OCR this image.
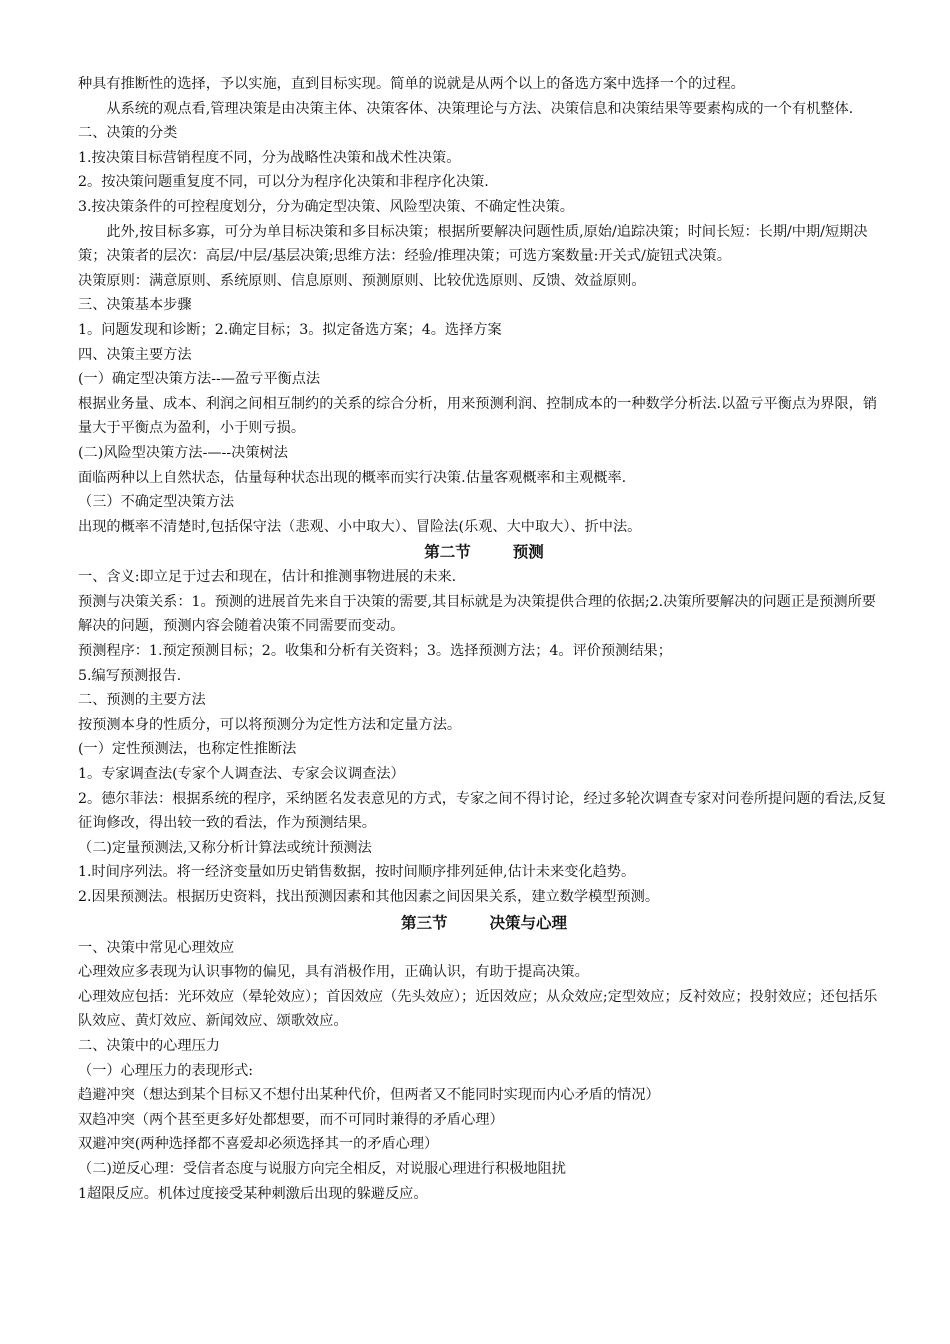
种具有推断性的选择，予以实施，直到目标实现。简单的说就是从两个以上的备选方案中选择一个的过程。

从系统的观点看,管理决策是由决策主体、决策客体、决策理论与方法、决策信息和决策结果等要素构成的一个有机整体.

二、决策的分类

1.按决策目标营销程度不同，分为战略性决策和战术性决策。

2。按决策问题重复度不同，可以分为程序化决策和非程序化决策.

3.按决策条件的可控程度划分，分为确定型决策、风险型决策、不确定性决策。

此外,按目标多寡，可分为单目标决策和多目标决策；根据所要解决问题性质,原始/追踪决策；时间长短：长期/中期/短期决策；决策者的层次：高层/中层/基层决策;思维方法：经验/推理决策；可选方案数量:开关式/旋钮式决策。

决策原则：满意原则、系统原则、信息原则、预测原则、比较优选原则、反馈、效益原则。

三、决策基本步骤

1。问题发现和诊断；2.确定目标；3。拟定备选方案；4。选择方案

四、决策主要方法

(一）确定型决策方法--—盈亏平衡点法

根据业务量、成本、利润之间相互制约的关系的综合分析，用来预测利润、控制成本的一种数学分析法.以盈亏平衡点为界限，销量大于平衡点为盈利，小于则亏损。

(二)风险型决策方法-—--决策树法

面临两种以上自然状态，估量每种状态出现的概率而实行决策.估量客观概率和主观概率.

（三）不确定型决策方法

出现的概率不清楚时,包括保守法（悲观、小中取大）、冒险法(乐观、大中取大）、折中法。

第二节	预测

一、含义:即立足于过去和现在，估计和推测事物进展的未来.

预测与决策关系：1。预测的进展首先来自于决策的需要,其目标就是为决策提供合理的依据;2.决策所要解决的问题正是预测所要解决的问题，预测内容会随着决策不同需要而变动。

预测程序：1.预定预测目标；2。收集和分析有关资料；3。选择预测方法；4。评价预测结果；

5.编写预测报告.

二、预测的主要方法

按预测本身的性质分，可以将预测分为定性方法和定量方法。

(一）定性预测法，也称定性推断法

1。专家调查法(专家个人调查法、专家会议调查法）

2。德尔菲法：根据系统的程序，采纳匿名发表意见的方式，专家之间不得讨论，经过多轮次调查专家对问卷所提问题的看法,反复征询修改，得出较一致的看法，作为预测结果。

（二)定量预测法,又称分析计算法或统计预测法

1.时间序列法。将一经济变量如历史销售数据，按时间顺序排列延伸,估计未来变化趋势。

2.因果预测法。根据历史资料，找出预测因素和其他因素之间因果关系，建立数学模型预测。

第三节	决策与心理

一、决策中常见心理效应

心理效应多表现为认识事物的偏见，具有消极作用，正确认识，有助于提高决策。

心理效应包括：光环效应（晕轮效应）；首因效应（先头效应）；近因效应；从众效应;定型效应；反衬效应；投射效应；还包括乐队效应、黄灯效应、新闻效应、颂歌效应。

二、决策中的心理压力

（一）心理压力的表现形式:

趋避冲突（想达到某个目标又不想付出某种代价，但两者又不能同时实现而内心矛盾的情况）

双趋冲突（两个甚至更多好处都想要，而不可同时兼得的矛盾心理）

双避冲突(两种选择都不喜爱却必须选择其一的矛盾心理）

（二)逆反心理：受信者态度与说服方向完全相反，对说服心理进行积极地阻扰

1超限反应。机体过度接受某种刺激后出现的躲避反应。
